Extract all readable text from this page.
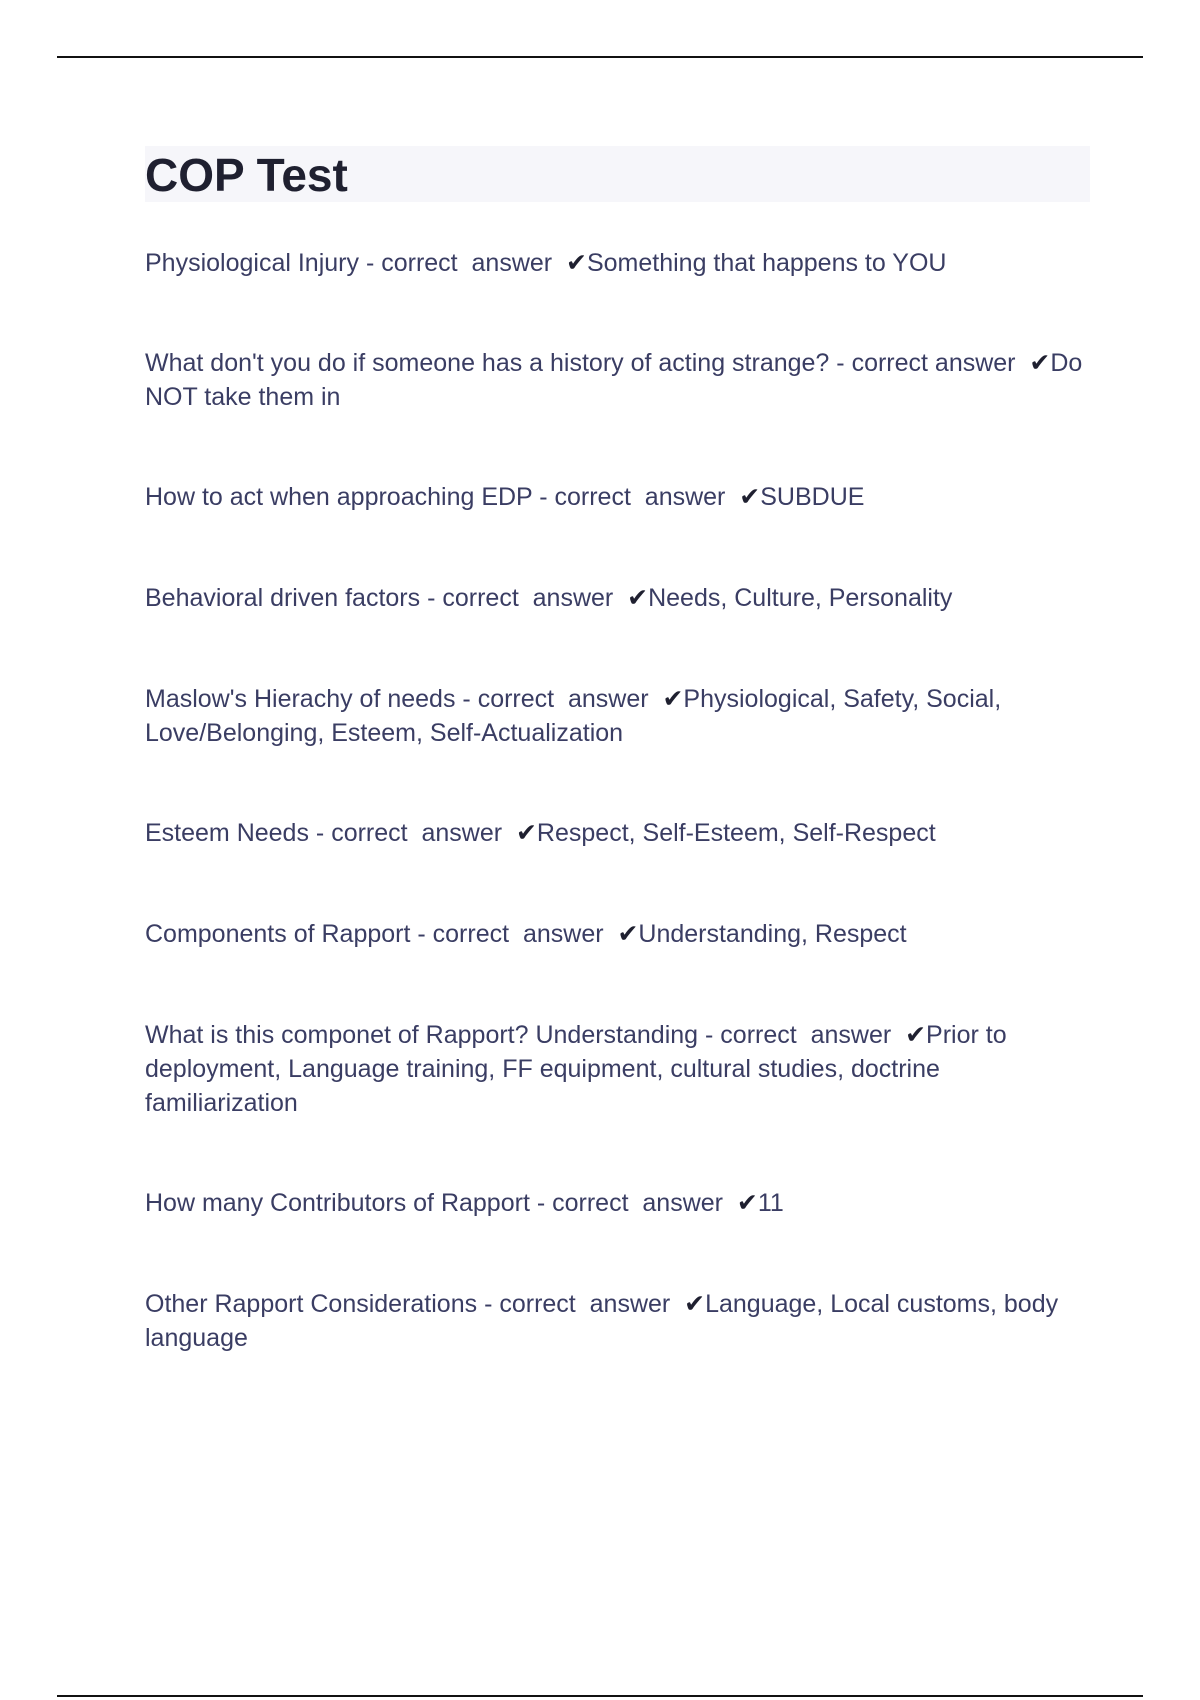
COP Test
Physiological Injury - correct  answer  ✔Something that happens to YOU
What don't you do if someone has a history of acting strange? - correct answer  ✔Do NOT take them in
How to act when approaching EDP - correct  answer  ✔SUBDUE
Behavioral driven factors - correct  answer  ✔Needs, Culture, Personality
Maslow's Hierachy of needs - correct  answer  ✔Physiological, Safety, Social, Love/Belonging, Esteem, Self-Actualization
Esteem Needs - correct  answer  ✔Respect, Self-Esteem, Self-Respect
Components of Rapport - correct  answer  ✔Understanding, Respect
What is this componet of Rapport? Understanding - correct  answer  ✔Prior to deployment, Language training, FF equipment, cultural studies, doctrine familiarization
How many Contributors of Rapport - correct  answer  ✔11
Other Rapport Considerations - correct  answer  ✔Language, Local customs, body language
